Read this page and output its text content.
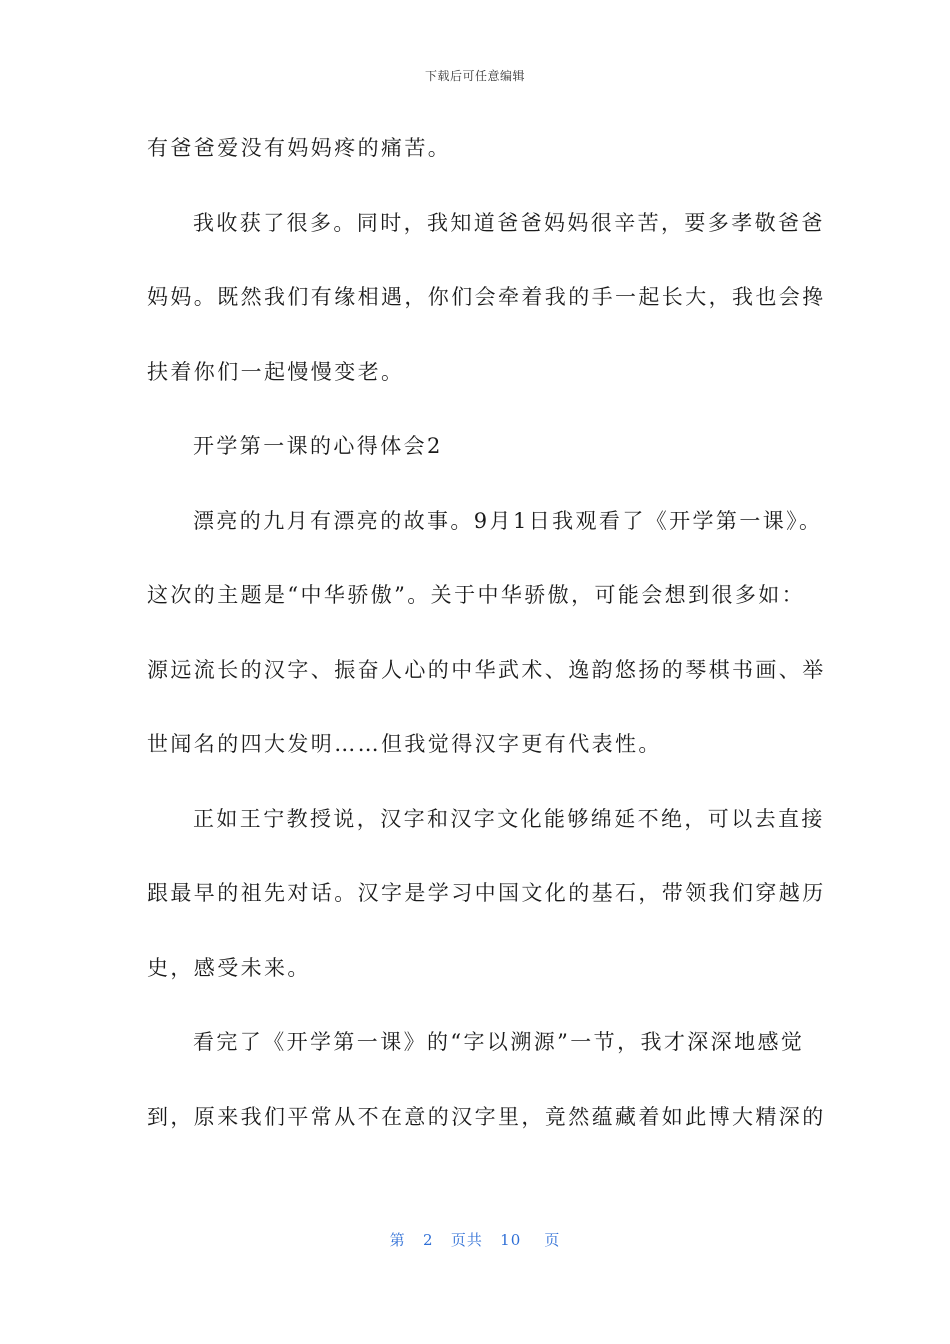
下载后可任意编辑
有爸爸爱没有妈妈疼的痛苦。
我收获了很多。同时，我知道爸爸妈妈很辛苦，要多孝敬爸爸
妈妈。既然我们有缘相遇，你们会牵着我的手一起长大，我也会搀
扶着你们一起慢慢变老。
开学第一课的心得体会2
漂亮的九月有漂亮的故事。9月1日我观看了《开学第一课》。
这次的主题是“中华骄傲”。关于中华骄傲，可能会想到很多如：
源远流长的汉字、振奋人心的中华武术、逸韵悠扬的琴棋书画、举
世闻名的四大发明……但我觉得汉字更有代表性。
正如王宁教授说，汉字和汉字文化能够绵延不绝，可以去直接
跟最早的祖先对话。汉字是学习中国文化的基石，带领我们穿越历
史，感受未来。
看完了《开学第一课》的“字以溯源”一节，我才深深地感觉
到，原来我们平常从不在意的汉字里，竟然蕴藏着如此博大精深的
第 2 页共 10 页
